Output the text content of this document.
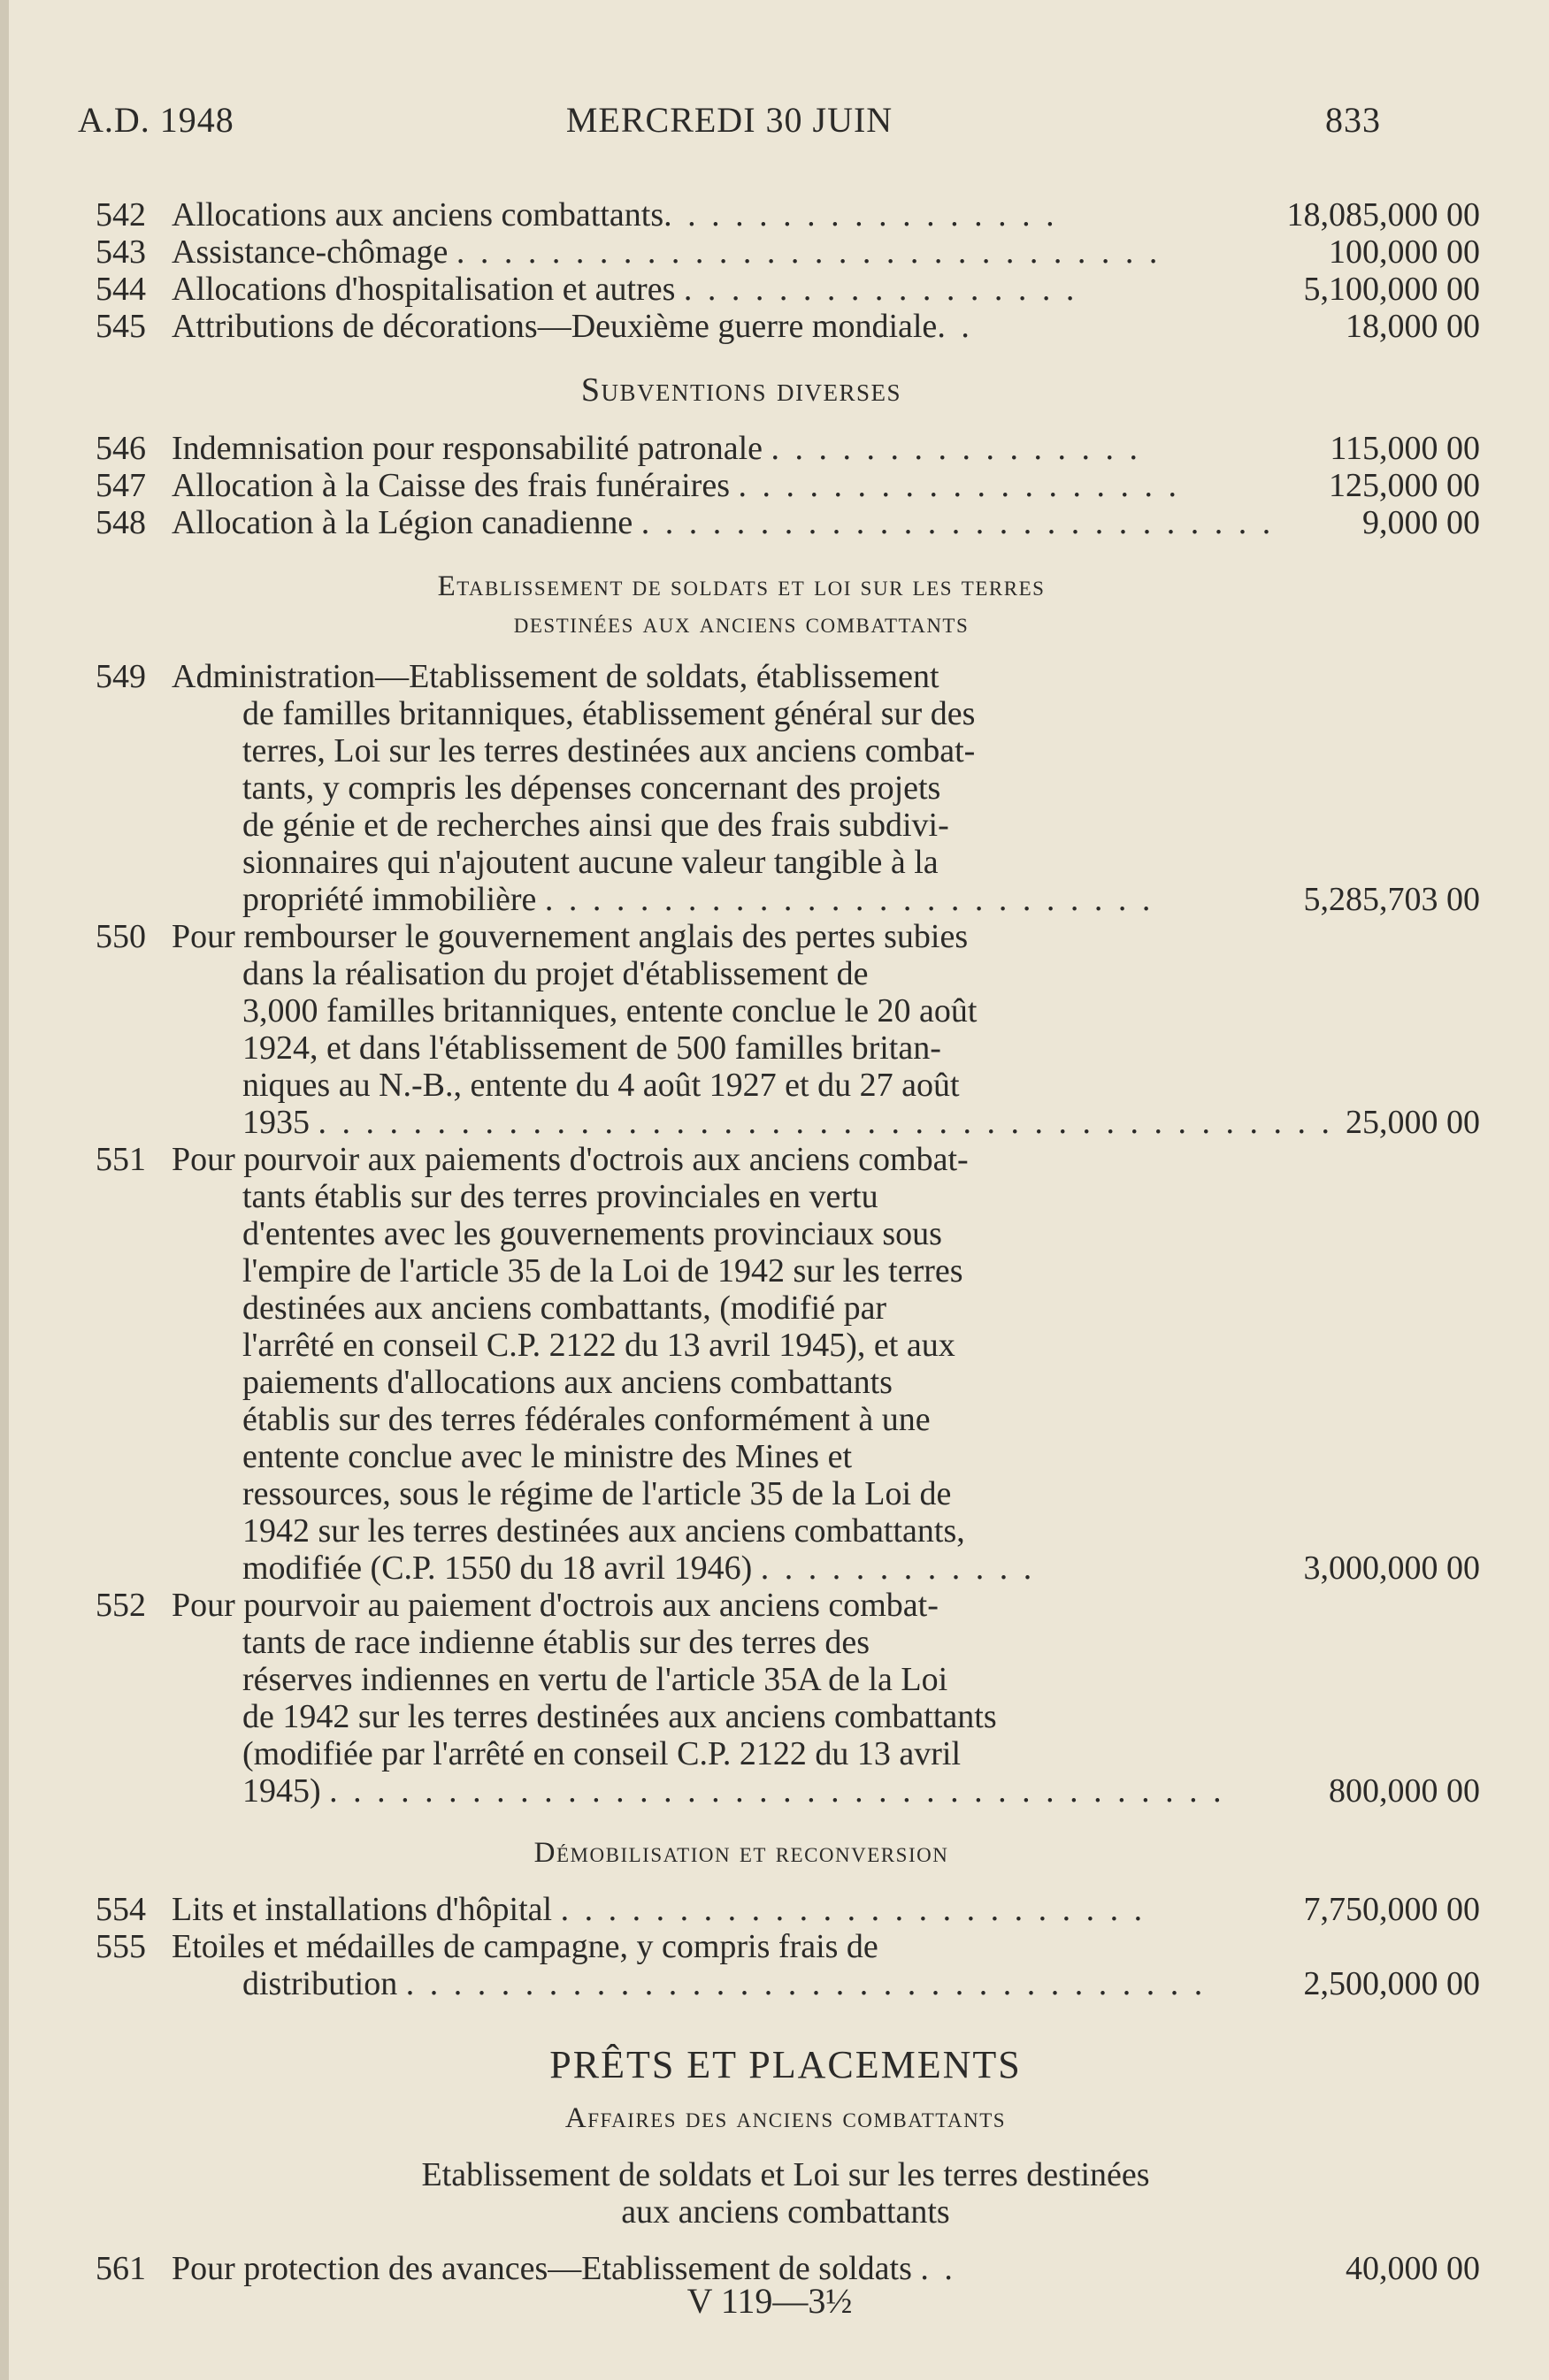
A.D. 1948	MERCREDI 30 JUIN	833
542 Allocations aux anciens combattants. . . . . . . . . . . . . . . . .	18,085,000 00
543 Assistance-chômage . . . . . . . . . . . . . . . . . . . . . . . . . . . . . .	100,000 00
544 Allocations d'hospitalisation et autres . . . . . . . . . . . . . . . . .	5,100,000 00
545 Attributions de décorations—Deuxième guerre mondiale. .	18,000 00
Subventions diverses
546 Indemnisation pour responsabilité patronale . . . . . . . . . . . . . . . .	115,000 00
547 Allocation à la Caisse des frais funéraires . . . . . . . . . . . . . . . . . . .	125,000 00
548 Allocation à la Légion canadienne . . . . . . . . . . . . . . . . . . . . . . . . . . .	9,000 00
Etablissement de soldats et loi sur les terres
destinées aux anciens combattants
549 Administration—Etablissement de soldats, établissement
de familles britanniques, établissement général sur des
terres, Loi sur les terres destinées aux anciens combat-
tants, y compris les dépenses concernant des projets
de génie et de recherches ainsi que des frais subdivi-
sionnaires qui n'ajoutent aucune valeur tangible à la
propriété immobilière . . . . . . . . . . . . . . . . . . . . . . . . . .	5,285,703 00
550 Pour rembourser le gouvernement anglais des pertes subies
dans la réalisation du projet d'établissement de
3,000 familles britanniques, entente conclue le 20 août
1924, et dans l'établissement de 500 familles britan-
niques au N.-B., entente du 4 août 1927 et du 27 août
1935 . . . . . . . . . . . . . . . . . . . . . . . . . . . . . . . . . . . . . . . . . . . 25,000 00
551 Pour pourvoir aux paiements d'octrois aux anciens combat-
tants établis sur des terres provinciales en vertu
d'ententes avec les gouvernements provinciaux sous
l'empire de l'article 35 de la Loi de 1942 sur les terres
destinées aux anciens combattants, (modifié par
l'arrêté en conseil C.P. 2122 du 13 avril 1945), et aux
paiements d'allocations aux anciens combattants
établis sur des terres fédérales conformément à une
entente conclue avec le ministre des Mines et
ressources, sous le régime de l'article 35 de la Loi de
1942 sur les terres destinées aux anciens combattants,
modifiée (C.P. 1550 du 18 avril 1946) . . . . . . . . . . . .	3,000,000 00
552 Pour pourvoir au paiement d'octrois aux anciens combat-
tants de race indienne établis sur des terres des
réserves indiennes en vertu de l'article 35A de la Loi
de 1942 sur les terres destinées aux anciens combattants
(modifiée par l'arrêté en conseil C.P. 2122 du 13 avril
1945) . . . . . . . . . . . . . . . . . . . . . . . . . . . . . . . . . . . . . .	800,000 00
Démobilisation et reconversion
554 Lits et installations d'hôpital . . . . . . . . . . . . . . . . . . . . . . . . .	7,750,000 00
555 Etoiles et médailles de campagne, y compris frais de
distribution . . . . . . . . . . . . . . . . . . . . . . . . . . . . . . . . . .	2,500,000 00
PRÊTS ET PLACEMENTS
Affaires des anciens combattants
Etablissement de soldats et Loi sur les terres destinées
aux anciens combattants
561 Pour protection des avances—Etablissement de soldats . .	40,000 00
V 119—3½
